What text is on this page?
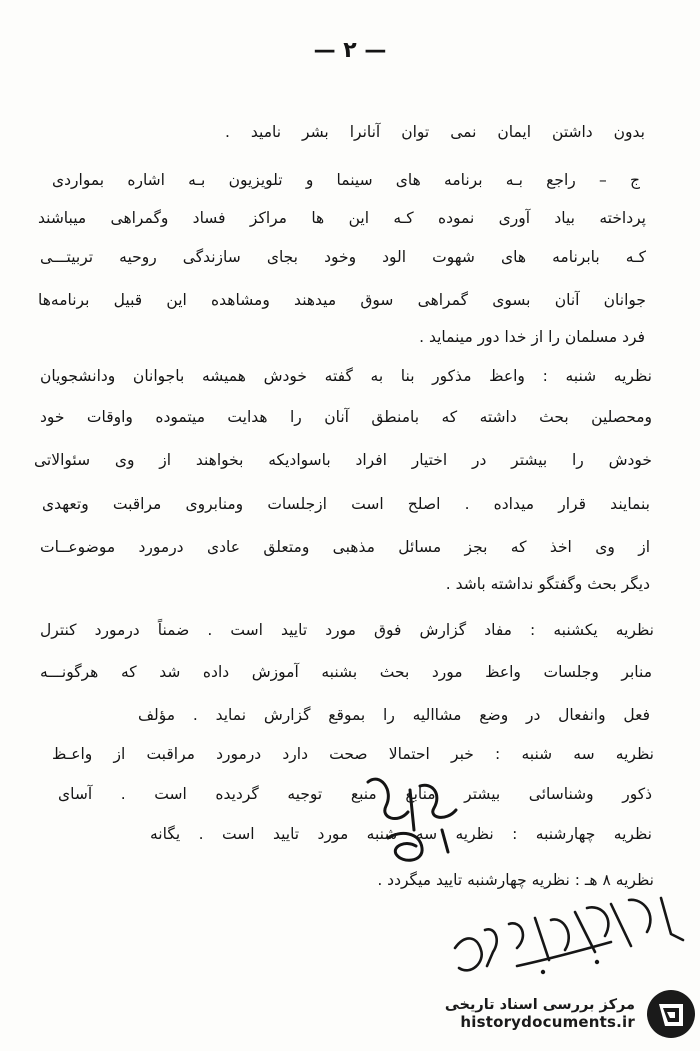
— ۲ —
بدون داشتن ایمان نمی توان آنانرا بشر نامید .
ج – راجع بـه برنامه های سینما و تلویزیون بـه اشاره بمواردی
پرداخته بیاد آوری نموده کـه این ها مراکز فساد وگمراهی میباشند
کـه بابرنامه های شهوت الود وخود بجای سازندگی روحیه تربیتـــی
جوانان آنان بسوی گمراهی سوق میدهند ومشاهده این قبیل برنامه‌ها
فرد مسلمان را از خدا دور مینماید .
نظریه شنبه : واعظ مذکور بنا به گفته خودش همیشه باجوانان ودانشجویان
ومحصلین بحث داشته که بامنطق آنان را هدایت میتموده واوقات خود
خودش را بیشتر در اختیار افراد باسوادیکه بخواهند از وی سئوالاتی
بنمایند قرار میداده . اصلح است ازجلسات ومنابروی مراقبت وتعهدی
از وی اخذ که بجز مسائل مذهبی ومتعلق عادی درمورد موضوعــات
دیگر بحث وگفتگو نداشته باشد .
نظریه یکشنبه : مفاد گزارش فوق مورد تایید است . ضمناً درمورد کنترل
منابر وجلسات واعظ مورد بحث بشنبه آموزش داده شد که هرگونـــه
فعل وانفعال در وضع مشاالیه را بموقع گزارش نماید . مؤلف
نظریه سه شنبه : خبر احتمالا صحت دارد درمورد مراقبت از واعـظ
ذکور وشناسائی بیشتر منابع منبع توجیه گردیده است . آسای
نظریه چهارشنبه : نظریه سه شنبه مورد تایید است . یگانه
نظریه ۸ هـ : نظریه چهارشنبه تایید میگردد .
مرکز بررسی اسناد تاریخی
historydocuments.ir
